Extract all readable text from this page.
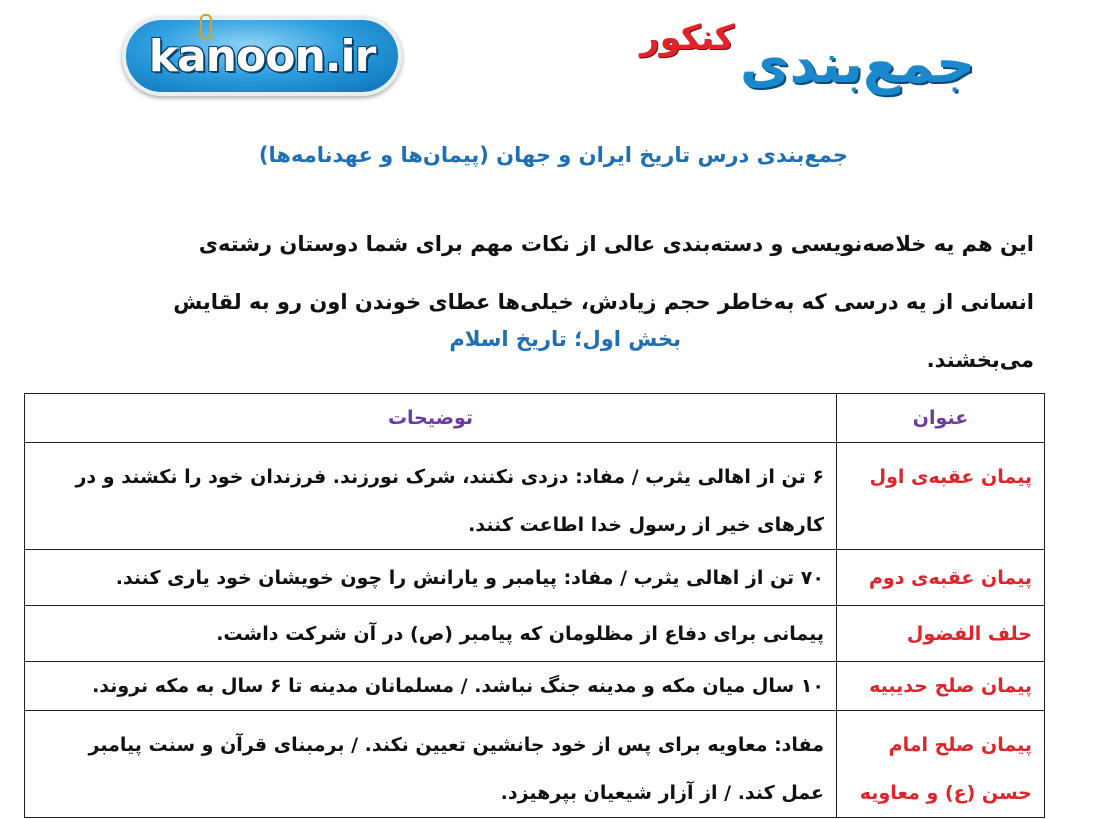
kanoon.ir	کنکور جمع‌بندی
جمع‌بندی درس تاریخ ایران و جهان (پیمان‌ها و عهدنامه‌ها)
این هم یه خلاصه‌نویسی و دسته‌بندی عالی از نکات مهم برای شما دوستان رشته‌ی انسانی از یه درسی که به‌خاطر حجم زیادش، خیلی‌ها عطای خوندن اون رو به لقایش می‌بخشند.
بخش اول؛ تاریخ اسلام
عنوان	توضیحات
پیمان عقبه‌ی اول	۶ تن از اهالی یثرب / مفاد: دزدی نکنند، شرک نورزند. فرزندان خود را نکشند و در کارهای خیر از رسول خدا اطاعت کنند.
پیمان عقبه‌ی دوم	۷۰ تن از اهالی یثرب / مفاد: پیامبر و یارانش را چون خویشان خود یاری کنند.
حلف الفضول	پیمانی برای دفاع از مظلومان که پیامبر (ص) در آن شرکت داشت.
پیمان صلح حدیبیه	۱۰ سال میان مکه و مدینه جنگ نباشد. / مسلمانان مدینه تا ۶ سال به مکه نروند.
پیمان صلح امام حسن (ع) و معاویه	مفاد: معاویه برای پس از خود جانشین تعیین نکند. / برمبنای قرآن و سنت پیامبر عمل کند. / از آزار شیعیان بپرهیزد.
